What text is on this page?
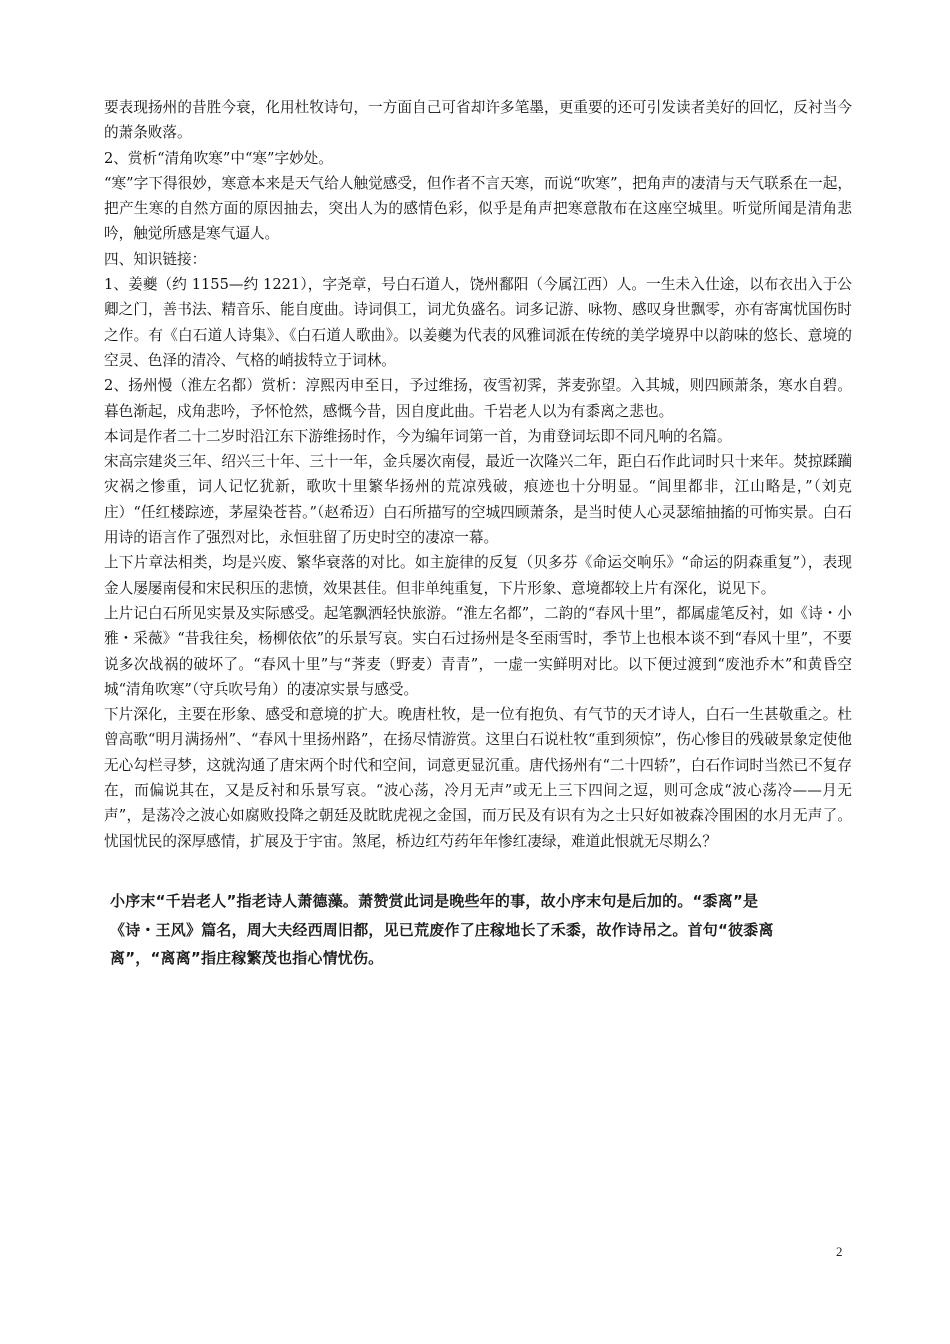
要表现扬州的昔胜今衰，化用杜牧诗句，一方面自己可省却许多笔墨，更重要的还可引发读者美好的回忆，反衬当今的萧条败落。

2、赏析“清角吹寒”中“寒”字妙处。

“寒”字下得很妙，寒意本来是天气给人触觉感受，但作者不言天寒，而说“吹寒”，把角声的凄清与天气联系在一起，把产生寒的自然方面的原因抽去，突出人为的感情色彩，似乎是角声把寒意散布在这座空城里。听觉所闻是清角悲吟，触觉所感是寒气逼人。

四、知识链接：

1、姜夔（约 1155—约 1221），字尧章，号白石道人，饶州鄱阳（今属江西）人。一生未入仕途，以布衣出入于公卿之门，善书法、精音乐、能自度曲。诗词俱工，词尤负盛名。词多记游、咏物、感叹身世飘零，亦有寄寓忧国伤时之作。有《白石道人诗集》、《白石道人歌曲》。以姜夔为代表的风雅词派在传统的美学境界中以韵味的悠长、意境的空灵、色泽的清冷、气格的峭拔特立于词林。

2、扬州慢（淮左名都）赏析：淳熙丙申至日，予过维扬，夜雪初霁，荠麦弥望。入其城，则四顾萧条，寒水自碧。暮色渐起，戍角悲吟，予怀怆然，感慨今昔，因自度此曲。千岩老人以为有黍离之悲也。

本词是作者二十二岁时沿江东下游维扬时作，今为编年词第一首，为甫登词坛即不同凡响的名篇。

宋高宗建炎三年、绍兴三十年、三十一年，金兵屡次南侵，最近一次隆兴二年，距白石作此词时只十来年。焚掠蹂躏灾祸之惨重，词人记忆犹新，歌吹十里繁华扬州的荒凉残破，痕迹也十分明显。“闾里都非，江山略是，”（刘克庄）“任红楼踪迹，茅屋染苍苔。”（赵希迈）白石所描写的空城四顾萧条，是当时使人心灵瑟缩抽搐的可怖实景。白石用诗的语言作了强烈对比，永恒驻留了历史时空的凄凉一幕。

上下片章法相类，均是兴废、繁华衰落的对比。如主旋律的反复（贝多芬《命运交响乐》“命运的阴森重复”），表现金人屡屡南侵和宋民积压的悲愤，效果甚佳。但非单纯重复，下片形象、意境都较上片有深化，说见下。

上片记白石所见实景及实际感受。起笔飘洒轻快旅游。“淮左名都”，二韵的“春风十里”，都属虚笔反衬，如《诗・小雅・采薇》“昔我往矣，杨柳依依”的乐景写哀。实白石过扬州是冬至雨雪时，季节上也根本谈不到“春风十里”，不要说多次战祸的破坏了。“春风十里”与“荠麦（野麦）青青”，一虚一实鲜明对比。以下便过渡到“废池乔木”和黄昏空城“清角吹寒”（守兵吹号角）的凄凉实景与感受。

下片深化，主要在形象、感受和意境的扩大。晚唐杜牧，是一位有抱负、有气节的天才诗人，白石一生甚敬重之。杜曾高歌“明月满扬州”、“春风十里扬州路”，在扬尽情游赏。这里白石说杜牧“重到须惊”，伤心惨目的残破景象定使他无心勾栏寻梦，这就沟通了唐宋两个时代和空间，词意更显沉重。唐代扬州有“二十四轿”，白石作词时当然已不复存在，而偏说其在，又是反衬和乐景写哀。“波心荡，冷月无声”或无上三下四间之逗，则可念成“波心荡冷——月无声”，是荡冷之波心如腐败投降之朝廷及眈眈虎视之金国，而万民及有识有为之士只好如被森冷围困的水月无声了。忧国忧民的深厚感情，扩展及于宇宙。煞尾，桥边红芍药年年惨红凄绿，难道此恨就无尽期么？

小序末“千岩老人”指老诗人萧德藻。萧赞赏此词是晚些年的事，故小序末句是后加的。“黍离”是

《诗・王风》篇名，周大夫经西周旧都，见已荒废作了庄稼地长了禾黍，故作诗吊之。首句“彼黍离

离”，“离离”指庄稼繁茂也指心情忧伤。

2
